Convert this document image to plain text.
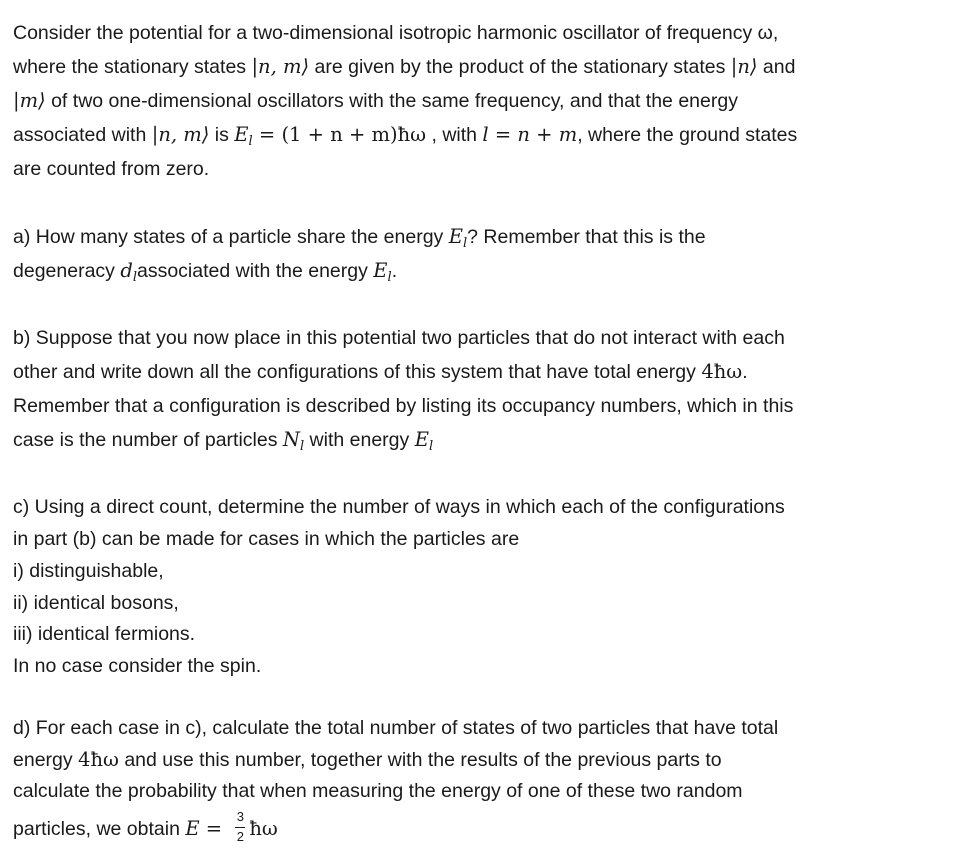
Consider the potential for a two-dimensional isotropic harmonic oscillator of frequency ω,
where the stationary states |n, m⟩ are given by the product of the stationary states |n⟩ and
|m⟩ of two one-dimensional oscillators with the same frequency, and that the energy
associated with |n, m⟩ is $E_l = (1 + n$ + m)ħω , with l = n + m, where the ground states
are counted from zero.
a) How many states of a particle share the energy $E_l$? Remember that this is the
degeneracy $d_lassociated$ with the energy $E_l$.
b) Suppose that you now place in this potential two particles that do not interact with each
other and write down all the configurations of this system that have total energy 4ħω.
Remember that a configuration is described by listing its occupancy numbers, which in this
case is the number of particles $N_l$ with energy $E_l$
c) Using a direct count, determine the number of ways in which each of the configurations
in part (b) can be made for cases in which the particles are
i) distinguishable,
ii) identical bosons,
iii) identical fermions.
In no case consider the spin.
d) For each case in c), calculate the total number of states of two particles that have total
energy 4ħω and use this number, together with the results of the previous parts to
calculate the probability that when measuring the energy of one of these two random
particles, we obtain $E = \frac{3}{2}$ ħω
